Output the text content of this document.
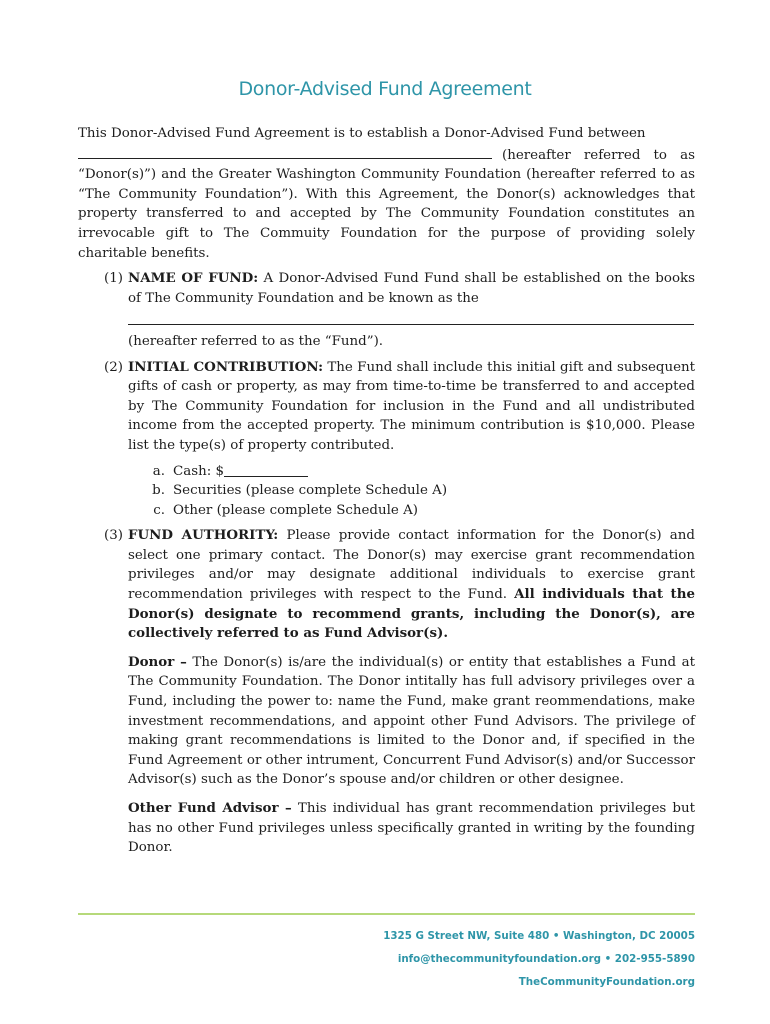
Donor-Advised Fund Agreement

This Donor-Advised Fund Agreement is to establish a Donor-Advised Fund between

(hereafter referred to as “Donor(s)”) and the Greater Washington Community Foundation (hereafter referred to as “The Community Foundation”). With this Agreement, the Donor(s) acknowledges that property transferred to and accepted by The Community Foundation constitutes an irrevocable gift to The Commuity Foundation for the purpose of providing solely charitable benefits.

(1) NAME OF FUND: A Donor-Advised Fund Fund shall be established on the books of The Community Foundation and be known as the
(hereafter referred to as the “Fund”).
(2) INITIAL CONTRIBUTION: The Fund shall include this initial gift and subsequent gifts of cash or property, as may from time-to-time be transferred to and accepted by The Community Foundation for inclusion in the Fund and all undistributed income from the accepted property. The minimum contribution is $10,000. Please list the type(s) of property contributed.
a. Cash: $
b. Securities (please complete Schedule A)
c. Other (please complete Schedule A)
(3) FUND AUTHORITY: Please provide contact information for the Donor(s) and select one primary contact. The Donor(s) may exercise grant recommendation privileges and/or may designate additional individuals to exercise grant recommendation privileges with respect to the Fund. All individuals that the Donor(s) designate to recommend grants, including the Donor(s), are collectively referred to as Fund Advisor(s).
Donor – The Donor(s) is/are the individual(s) or entity that establishes a Fund at The Community Foundation. The Donor intitally has full advisory privileges over a Fund, including the power to: name the Fund, make grant reommendations, make investment recommendations, and appoint other Fund Advisors. The privilege of making grant recommendations is limited to the Donor and, if specified in the Fund Agreement or other intrument, Concurrent Fund Advisor(s) and/or Successor Advisor(s) such as the Donor’s spouse and/or children or other designee.
Other Fund Advisor – This individual has grant recommendation privileges but has no other Fund privileges unless specifically granted in writing by the founding Donor.
1325 G Street NW, Suite 480 • Washington, DC 20005
info@thecommunityfoundation.org • 202-955-5890
TheCommunityFoundation.org
